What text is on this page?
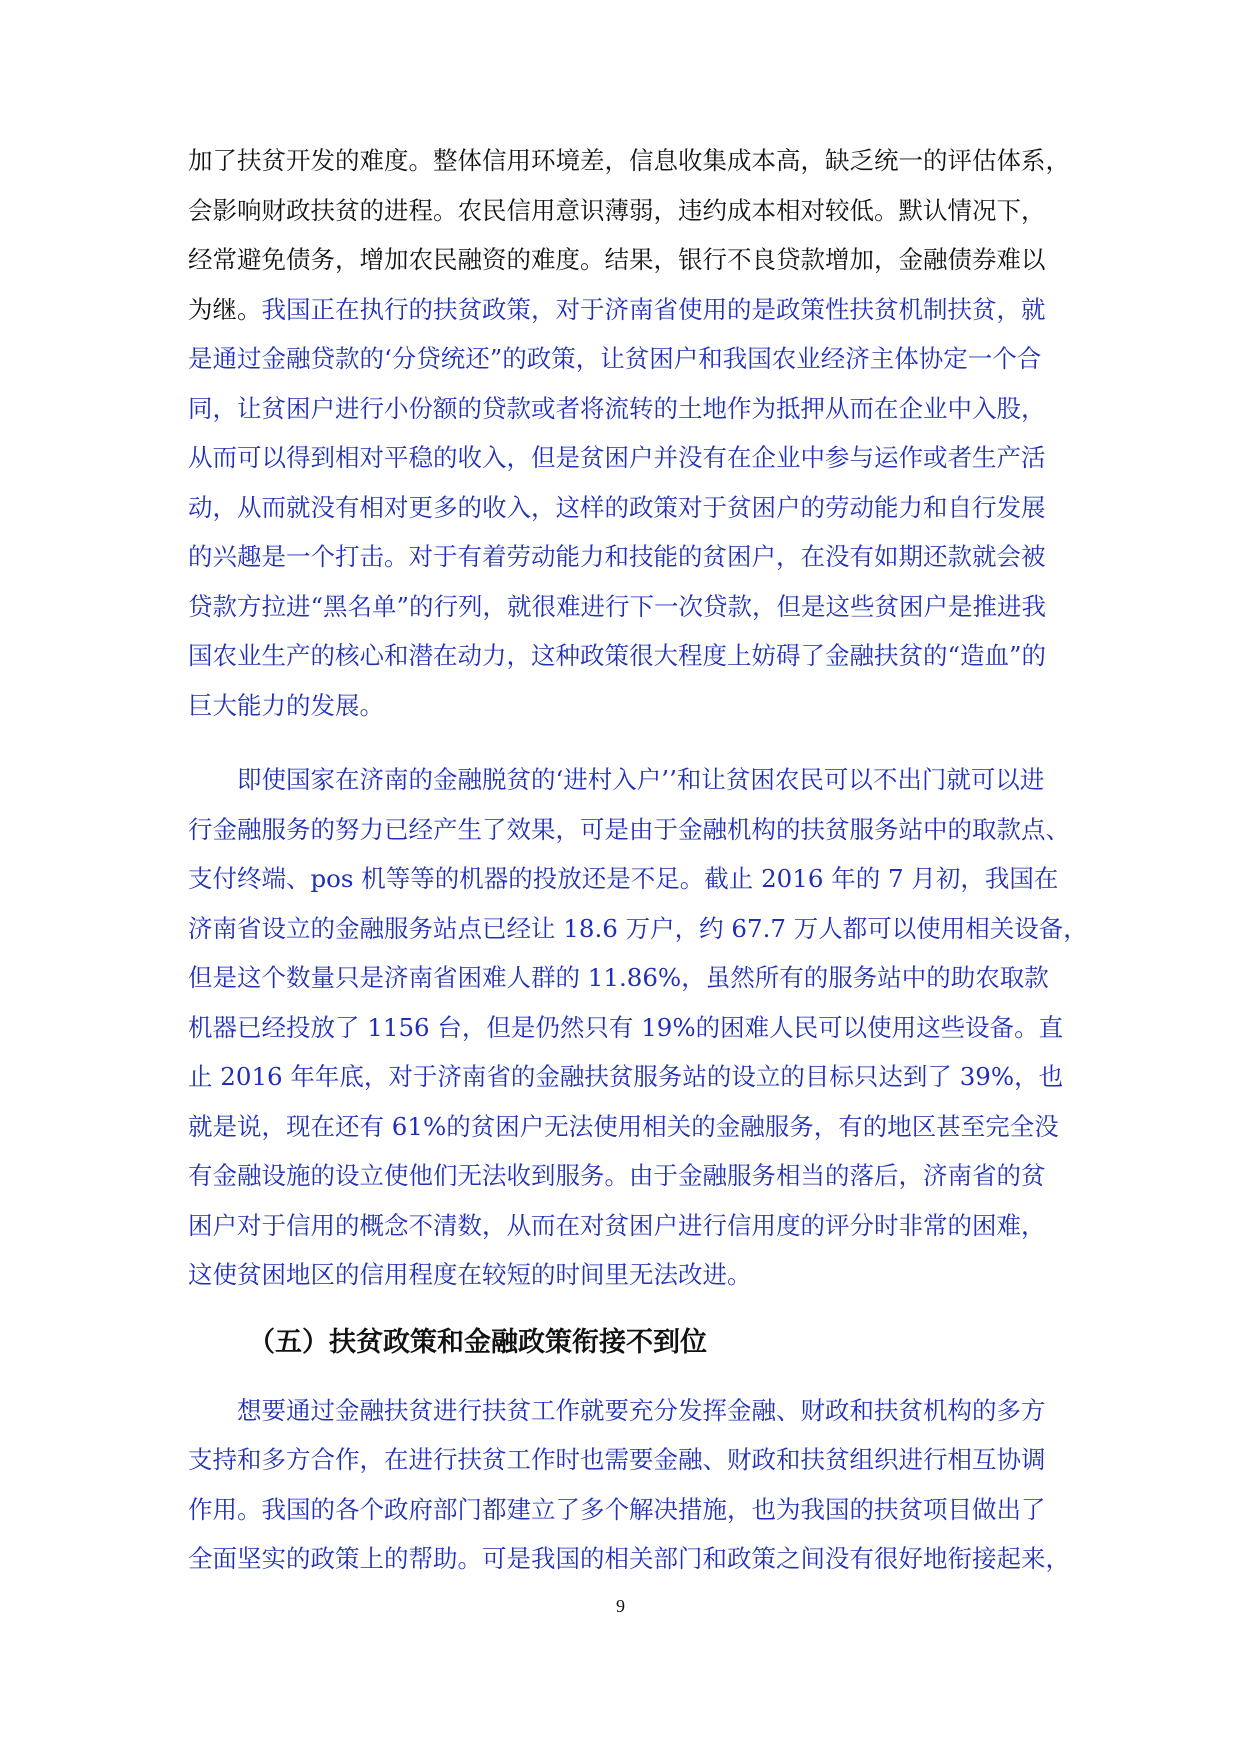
加了扶贫开发的难度。整体信用环境差，信息收集成本高，缺乏统一的评估体系，
会影响财政扶贫的进程。农民信用意识薄弱，违约成本相对较低。默认情况下，
经常避免债务，增加农民融资的难度。结果，银行不良贷款增加，金融债券难以
为继。我国正在执行的扶贫政策，对于济南省使用的是政策性扶贫机制扶贫，就
是通过金融贷款的‘分贷统还”的政策，让贫困户和我国农业经济主体协定一个合
同，让贫困户进行小份额的贷款或者将流转的土地作为抵押从而在企业中入股，
从而可以得到相对平稳的收入，但是贫困户并没有在企业中参与运作或者生产活
动，从而就没有相对更多的收入，这样的政策对于贫困户的劳动能力和自行发展
的兴趣是一个打击。对于有着劳动能力和技能的贫困户，在没有如期还款就会被
贷款方拉进“黑名单”的行列，就很难进行下一次贷款，但是这些贫困户是推进我
国农业生产的核心和潜在动力，这种政策很大程度上妨碍了金融扶贫的“造血”的
巨大能力的发展。
即使国家在济南的金融脱贫的‘进村入户’’和让贫困农民可以不出门就可以进
行金融服务的努力已经产生了效果，可是由于金融机构的扶贫服务站中的取款点、
支付终端、pos 机等等的机器的投放还是不足。截止 2016 年的 7 月初，我国在
济南省设立的金融服务站点已经让 18.6 万户，约 67.7 万人都可以使用相关设备，
但是这个数量只是济南省困难人群的 11.86%，虽然所有的服务站中的助农取款
机器已经投放了 1156 台，但是仍然只有 19%的困难人民可以使用这些设备。直
止 2016 年年底，对于济南省的金融扶贫服务站的设立的目标只达到了 39%，也
就是说，现在还有 61%的贫困户无法使用相关的金融服务，有的地区甚至完全没
有金融设施的设立使他们无法收到服务。由于金融服务相当的落后，济南省的贫
困户对于信用的概念不清数，从而在对贫困户进行信用度的评分时非常的困难，
这使贫困地区的信用程度在较短的时间里无法改进。
（五）扶贫政策和金融政策衔接不到位
想要通过金融扶贫进行扶贫工作就要充分发挥金融、财政和扶贫机构的多方
支持和多方合作，在进行扶贫工作时也需要金融、财政和扶贫组织进行相互协调
作用。我国的各个政府部门都建立了多个解决措施，也为我国的扶贫项目做出了
全面坚实的政策上的帮助。可是我国的相关部门和政策之间没有很好地衔接起来，
9
